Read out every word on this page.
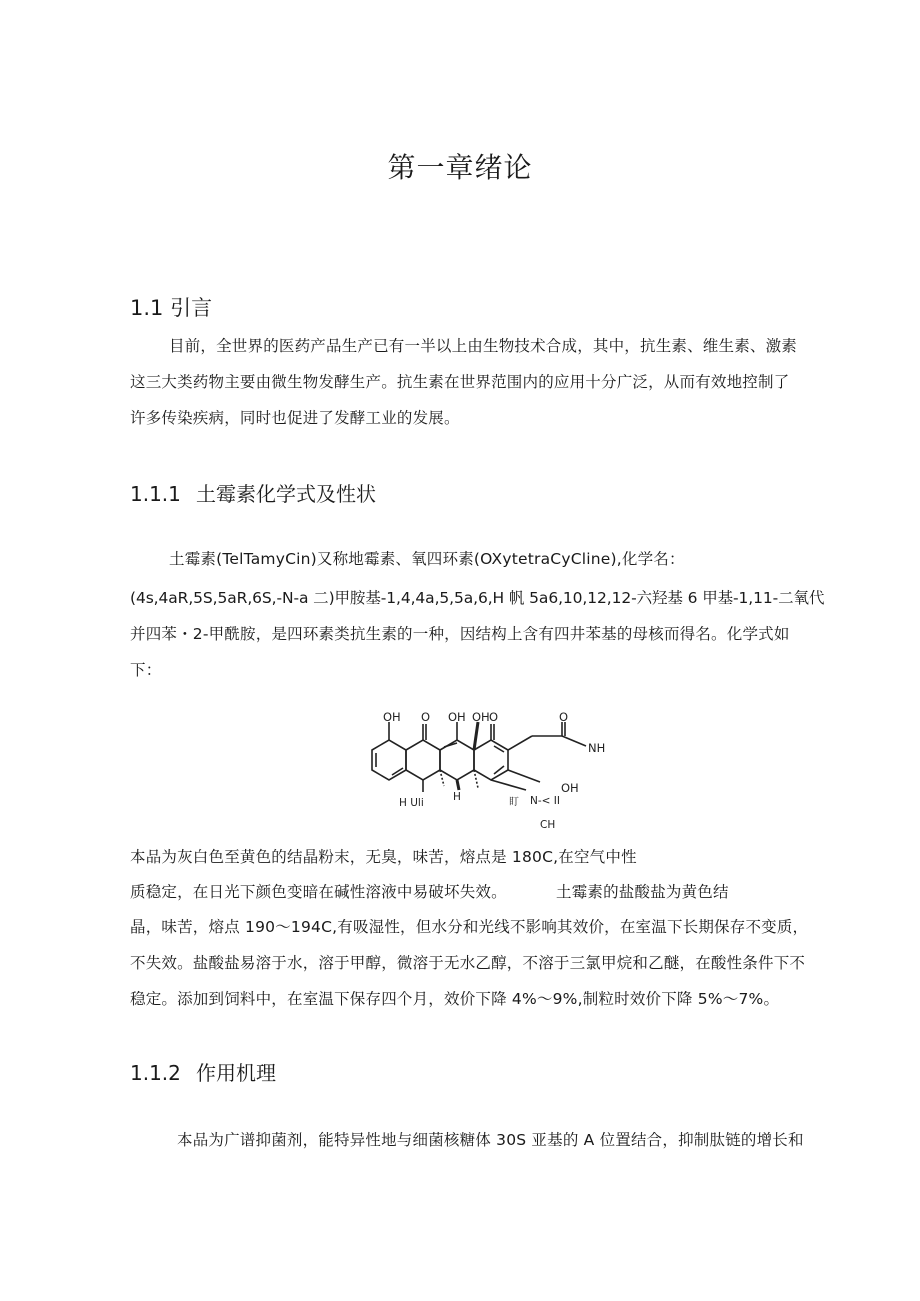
第一章绪论
1.1 引言
目前，全世界的医药产品生产已有一半以上由生物技术合成，其中，抗生素、维生素、激素
这三大类药物主要由微生物发酵生产。抗生素在世界范围内的应用十分广泛，从而有效地控制了
许多传染疾病，同时也促进了发酵工业的发展。
1.1.1 土霉素化学式及性状
土霉素(TelTamyCin)又称地霉素、氧四环素(OXytetraCyCline),化学名：
(4s,4aR,5S,5aR,6S,-N-a 二)甲胺基-1,4,4a,5,5a,6,H 帆 5a6,10,12,12-六羟基 6 甲基-1,11-二氧代
并四苯・2-甲酰胺，是四环素类抗生素的一种，因结构上含有四井苯基的母核而得名。化学式如
下：
OH O OH OH O	O
NH
OH
H Uli	H	盯 N-< II
CH
本品为灰白色至黄色的结晶粉末，无臭，味苦，熔点是 180C,在空气中性
质稳定，在日光下颜色变暗在碱性溶液中易破坏失效。	土霉素的盐酸盐为黄色结
晶，味苦，熔点 190～194C,有吸湿性，但水分和光线不影响其效价，在室温下长期保存不变质，
不失效。盐酸盐易溶于水，溶于甲醇，微溶于无水乙醇，不溶于三氯甲烷和乙醚，在酸性条件下不
稳定。添加到饲料中，在室温下保存四个月，效价下降 4%～9%,制粒时效价下降 5%～7%。
1.1.2 作用机理
本品为广谱抑菌剂，能特异性地与细菌核糖体 30S 亚基的 A 位置结合，抑制肽链的增长和
